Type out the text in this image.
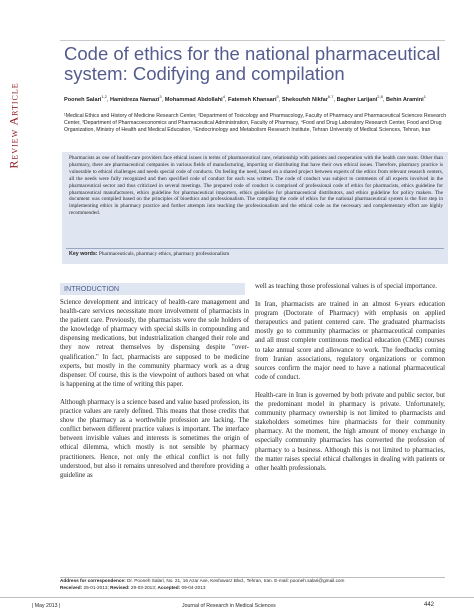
Review Article
Code of ethics for the national pharmaceutical system: Codifying and compilation
Pooneh Salari$^{1,2}$, Hamidreza Namazi$^3$, Mohammad Abdollahi$^4$, Fatemeh Khansari$^5$, Shekoufeh Nikfar$^{6,7}$, Bagher Larijani$^{2,8}$, Behin Aramini$^1$
¹Medical Ethics and History of Medicine Research Center, ²Department of Toxicology and Pharmacology, Faculty of Pharmacy and Pharmaceutical Sciences Research Center, ³Department of Pharmacoeconomics and Pharmaceutical Administration, Faculty of Pharmacy, ⁴Food and Drug Laboratory Research Center, Food and Drug Organization, Ministry of Health and Medical Education, ⁵Endocrinology and Metabolism Research Institute, Tehran University of Medical Sciences, Tehran, Iran
Pharmacists as one of health-care providers face ethical issues in terms of pharmaceutical care, relationship with patients and cooperation with the health care team. Other than pharmacy, there are pharmaceutical companies in various fields of manufacturing, importing or distributing that have their own ethical issues. Therefore, pharmacy practice is vulnerable to ethical challenges and needs special code of conducts. On feeling the need, based on a shared project between experts of the ethics from relevant research centers, all the needs were fully recognized and then specified code of conduct for each was written. The code of conduct was subject to comments of all experts involved in the pharmaceutical sector and thus criticized in several meetings. The prepared code of conduct is comprised of professional code of ethics for pharmacists, ethics guideline for pharmaceutical manufacturers, ethics guideline for pharmaceutical importers, ethics guideline for pharmaceutical distributors, and ethics guideline for policy makers. The document was compiled based on the principles of bioethics and professionalism. The compiling the code of ethics for the national pharmaceutical system is the first step in implementing ethics in pharmacy practice and further attempts into teaching the professionalism and the ethical code as the necessary and complementary effort are highly recommended.
Key words: Pharmaceuticals, pharmacy ethics, pharmacy professionalism
INTRODUCTION

Science development and intricacy of health-care management and health-care services necessitate more involvement of pharmacists in the patient care. Previously, the pharmacists were the sole holders of the knowledge of pharmacy with special skills in compounding and dispensing medications, but industrialization changed their role and they now retreat themselves by dispensing despite "over-qualification." In fact, pharmacists are supposed to be medicine experts, but mostly in the community pharmacy work as a drug dispenser. Of course, this is the viewpoint of authors based on what is happening at the time of writing this paper.

Although pharmacy is a science based and value based profession, its practice values are rarely defined. This means that those credits that show the pharmacy as a worthwhile profession are lacking. The conflict between different practice values is important. The interface between invisible values and interests is sometimes the origin of ethical dilemma, which mostly is not sensible by pharmacy practitioners. Hence, not only the ethical conflict is not fully understood, but also it remains unresolved and therefore providing a guideline as

well as teaching those professional values is of special importance.

In Iran, pharmacists are trained in an almost 6-years education program (Doctorate of Pharmacy) with emphasis on applied therapeutics and patient centered care. The graduated pharmacists mostly go to community pharmacies or pharmaceutical companies and all must complete continuous medical education (CME) courses to take annual score and allowance to work. The feedbacks coming from Iranian associations, regulatory organizations or common sources confirm the major need to have a national pharmaceutical code of conduct.

Health-care in Iran is governed by both private and public sector, but the predominant model in pharmacy is private. Unfortunately, community pharmacy ownership is not limited to pharmacists and stakeholders sometimes hire pharmacists for their community pharmacy. At the moment, the high amount of money exchange in especially community pharmacies has converted the profession of pharmacy to a business. Although this is not limited to pharmacies, the matter raises special ethical challenges in dealing with patients or other health professionals.

Address for correspondence: Dr. Pooneh Salari, No. 21, 16 Azar Ave, Keshavarz Blvd., Tehran, Iran. E-mail: pooneh.salari@gmail.com
Received: 25-01-2013; Revised: 29-03-2013; Accepted: 09-04-2013
| May 2013 |	Journal of Research in Medical Sciences	442
